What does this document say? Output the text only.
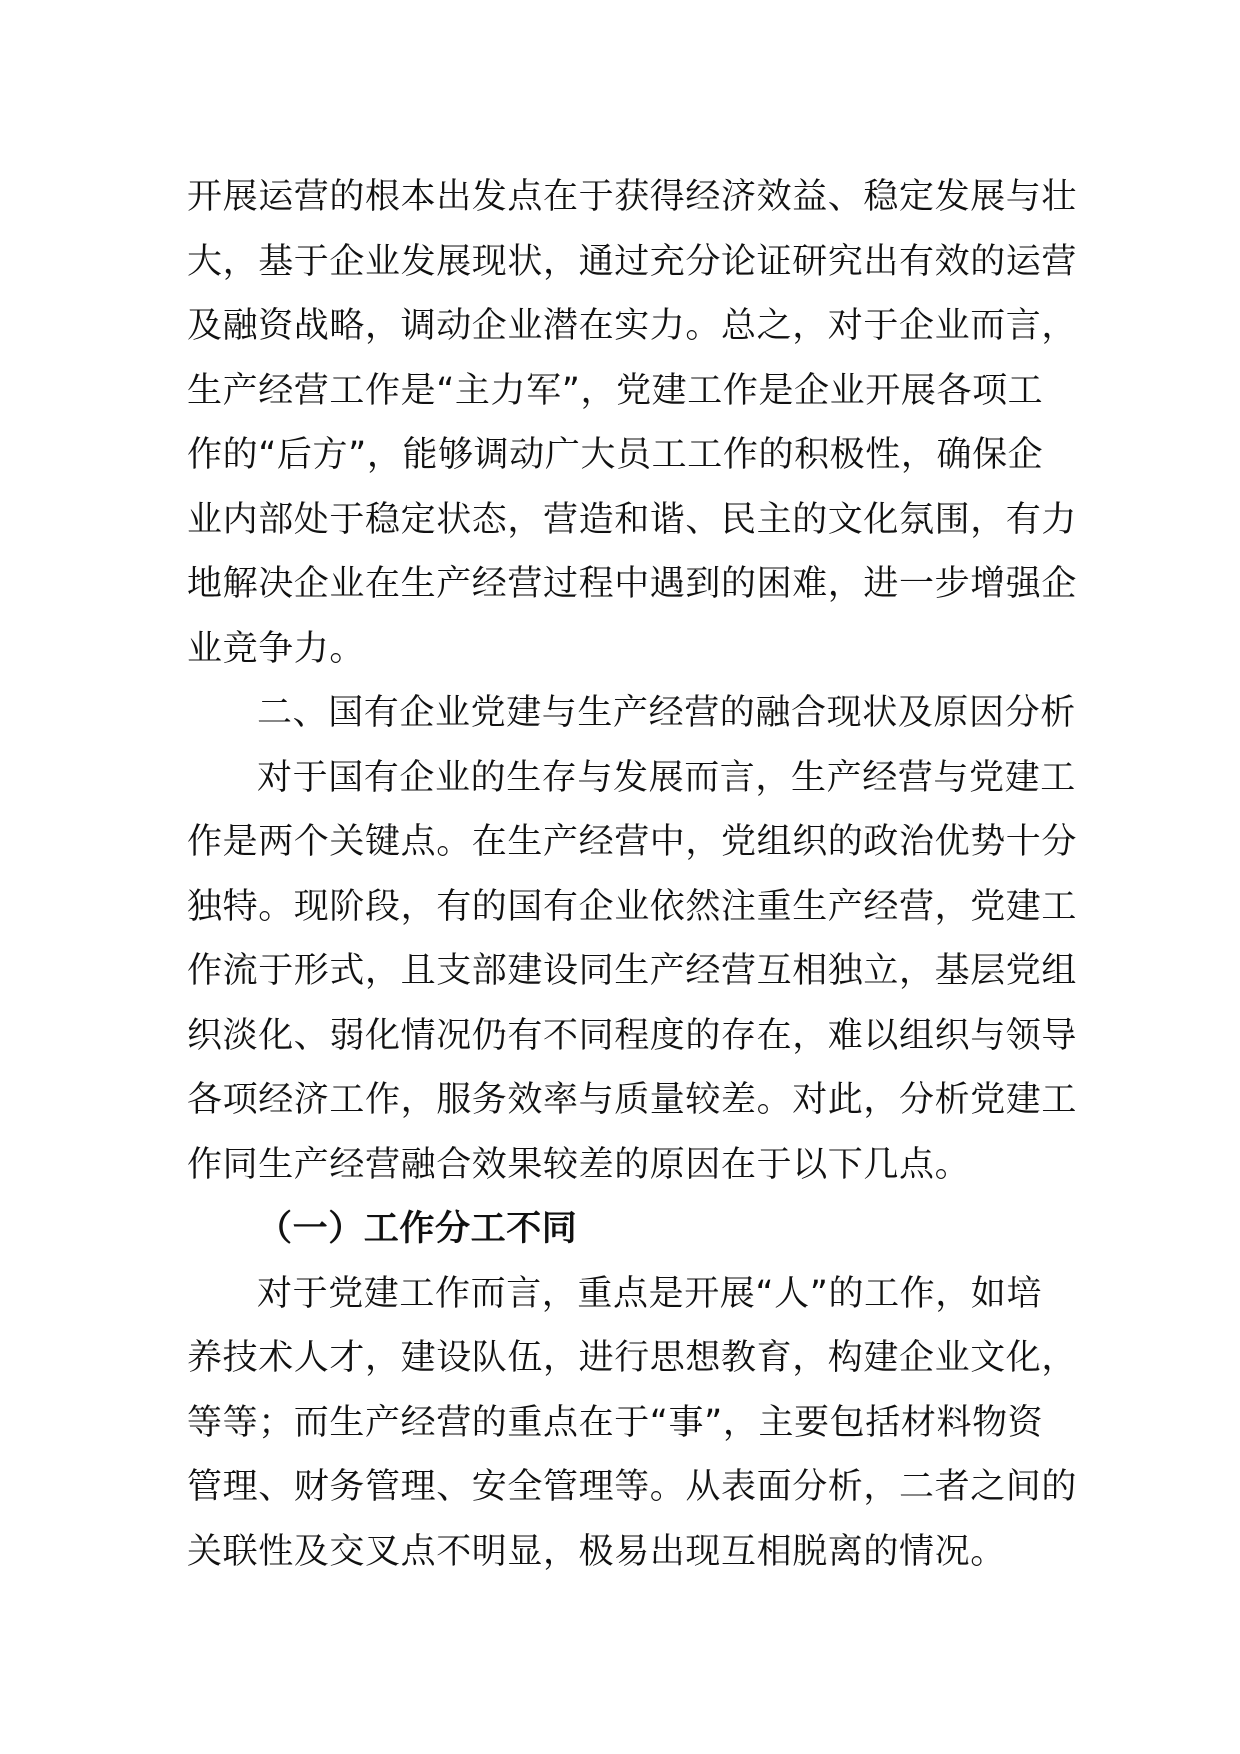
开展运营的根本出发点在于获得经济效益、稳定发展与壮
大，基于企业发展现状，通过充分论证研究出有效的运营
及融资战略，调动企业潜在实力。总之，对于企业而言，
生产经营工作是“主力军”，党建工作是企业开展各项工
作的“后方”，能够调动广大员工工作的积极性，确保企
业内部处于稳定状态，营造和谐、民主的文化氛围，有力
地解决企业在生产经营过程中遇到的困难，进一步增强企
业竞争力。
二、国有企业党建与生产经营的融合现状及原因分析
对于国有企业的生存与发展而言，生产经营与党建工
作是两个关键点。在生产经营中，党组织的政治优势十分
独特。现阶段，有的国有企业依然注重生产经营，党建工
作流于形式，且支部建设同生产经营互相独立，基层党组
织淡化、弱化情况仍有不同程度的存在，难以组织与领导
各项经济工作，服务效率与质量较差。对此，分析党建工
作同生产经营融合效果较差的原因在于以下几点。
（一）工作分工不同
对于党建工作而言，重点是开展“人”的工作，如培
养技术人才，建设队伍，进行思想教育，构建企业文化，
等等；而生产经营的重点在于“事”，主要包括材料物资
管理、财务管理、安全管理等。从表面分析，二者之间的
关联性及交叉点不明显，极易出现互相脱离的情况。
